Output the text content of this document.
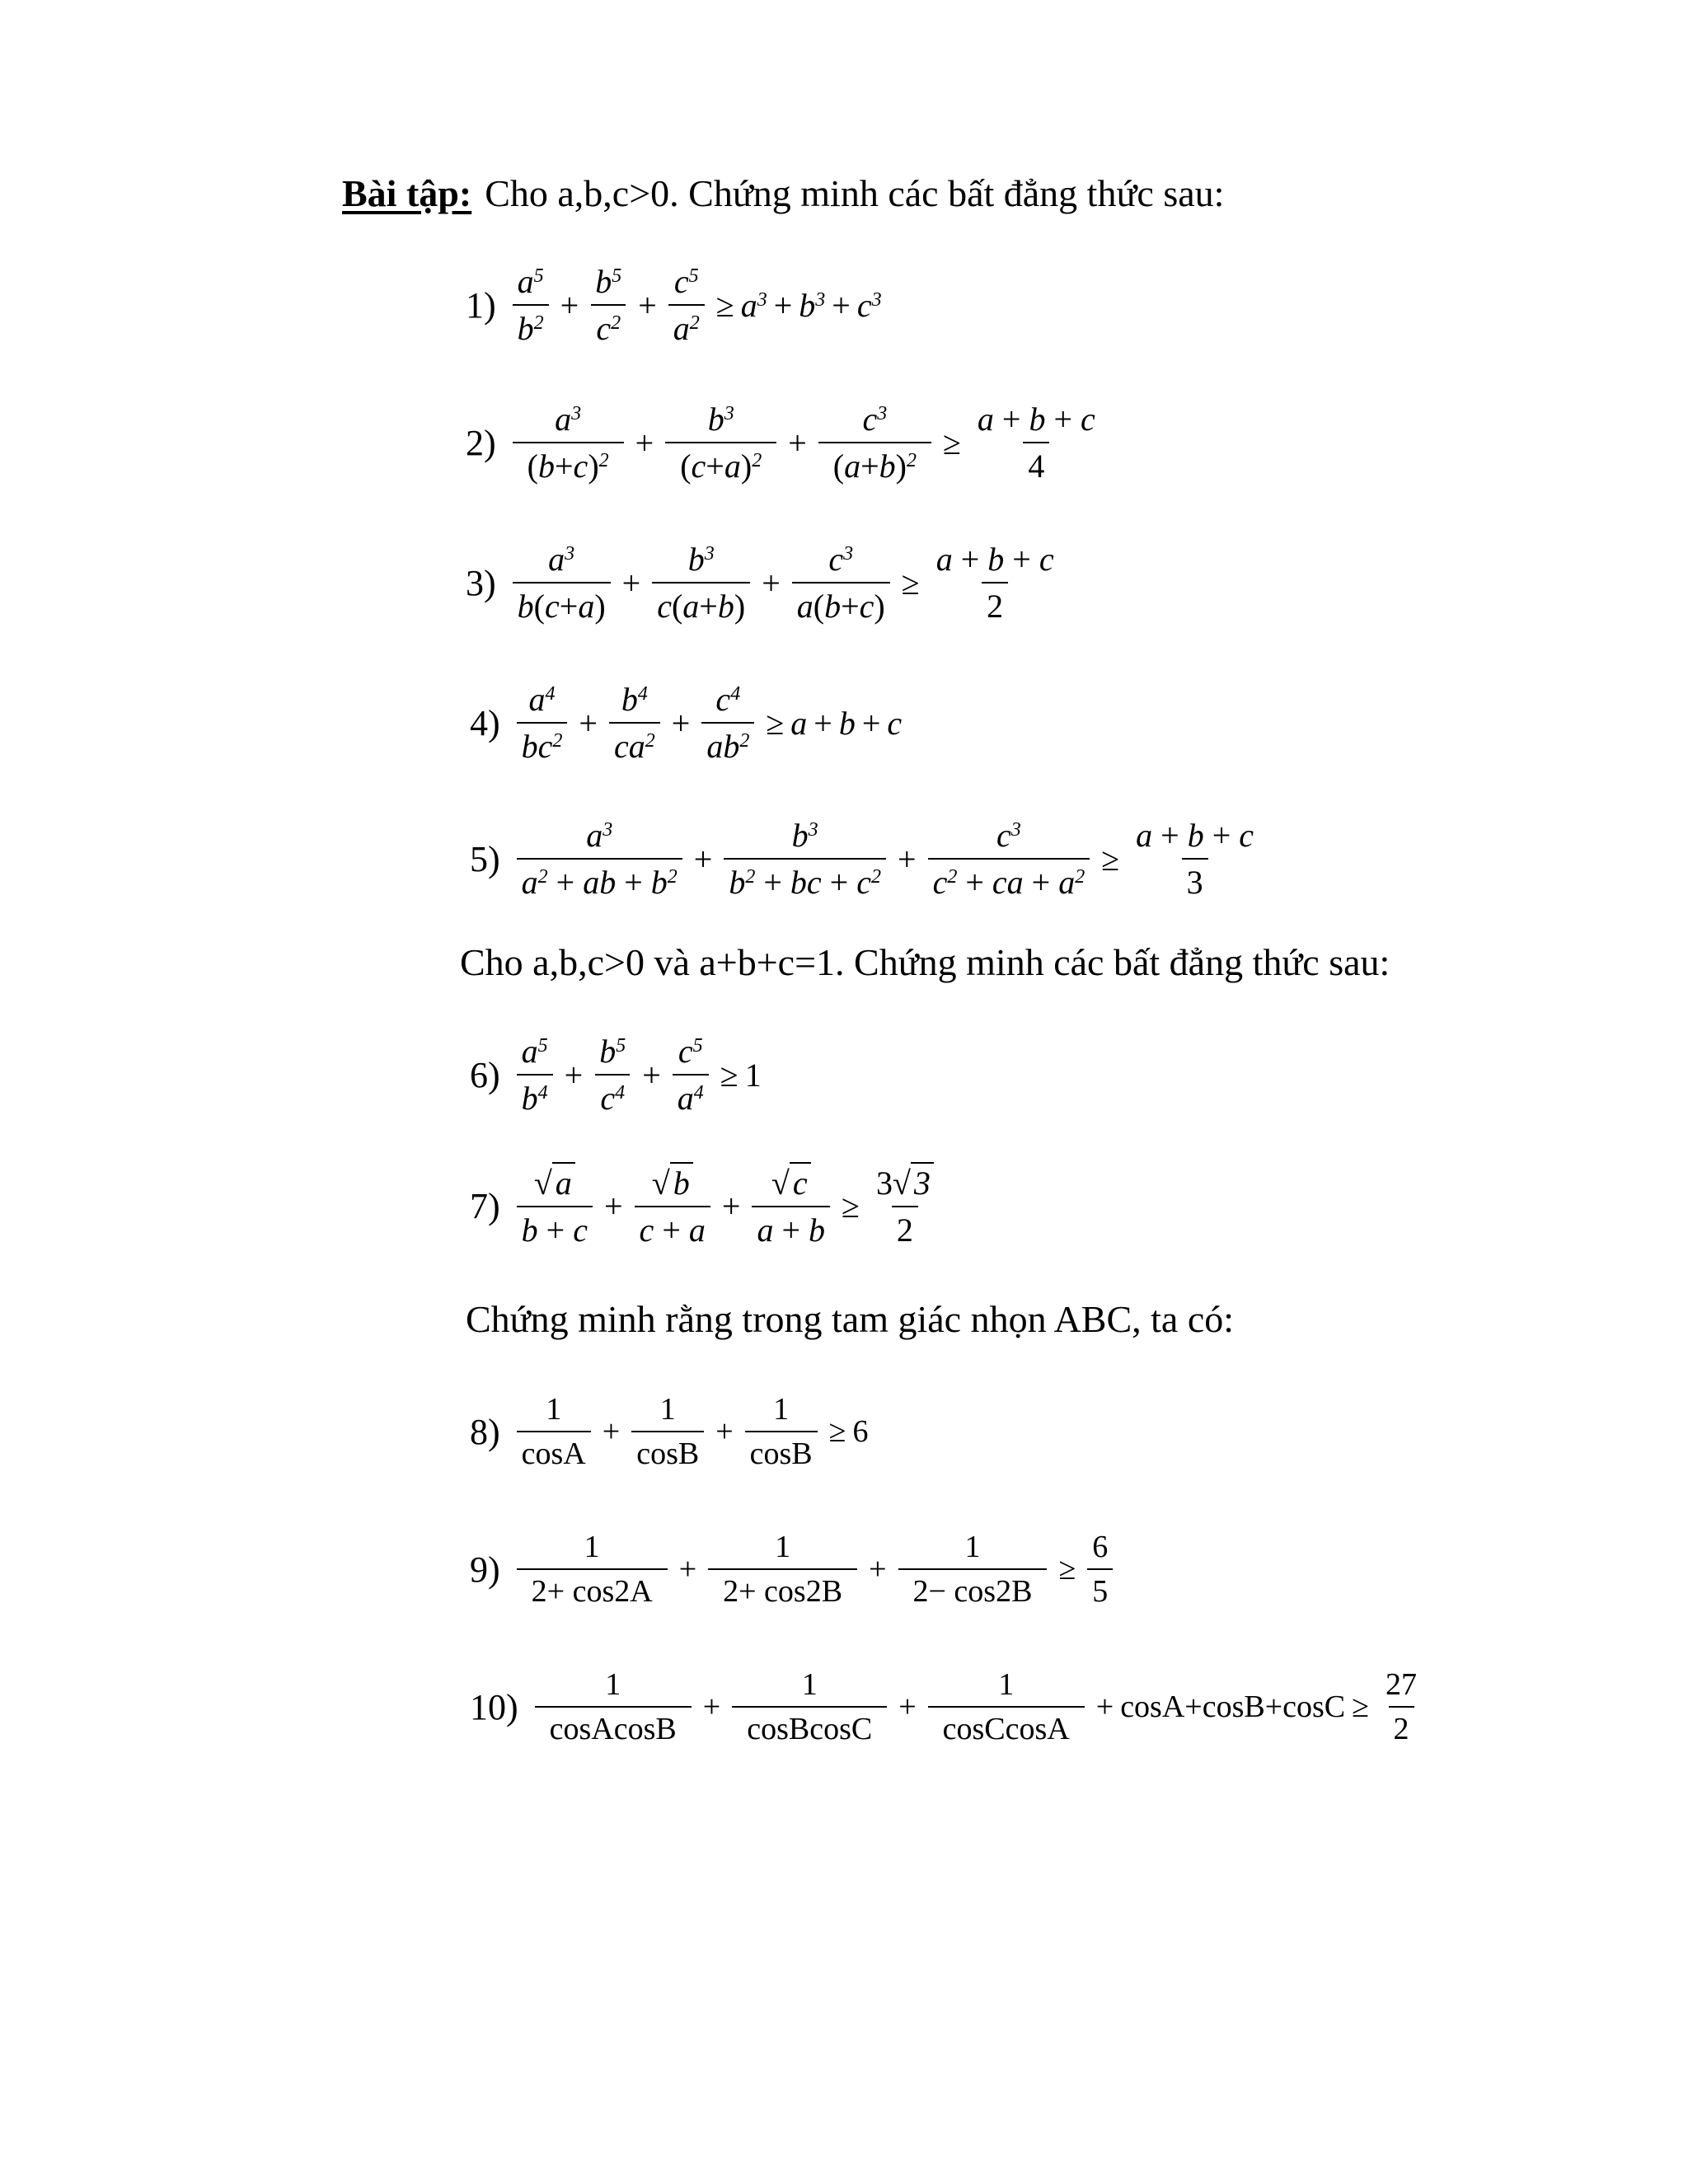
Bài tập: Cho a,b,c>0. Chứng minh các bất đẳng thức sau:
$1) \frac{a^5}{b^2} + \frac{b^5}{c^2} + \frac{c^5}{a^2} \ge a^3 + b^3 + c^3$
$2) \frac{a^3}{(b+c)^2} + \frac{b^3}{(c+a)^2} + \frac{c^3}{(a+b)^2} \ge \frac{a + b + c}{4}$
$3) \frac{a^3}{b(c+a)} + \frac{b^3}{c(a+b)} + \frac{c^3}{a(b+c)} \ge \frac{a + b + c}{2}$
$4) \frac{a^4}{bc^2} + \frac{b^4}{ca^2} + \frac{c^4}{ab^2} \ge a + b + c$
$5) \frac{a^3}{a^2 + ab + b^2} + \frac{b^3}{b^2 + bc + c^2} + \frac{c^3}{c^2 + ca + a^2} \ge \frac{a + b + c}{3}$
Cho a,b,c>0 và a+b+c=1. Chứng minh các bất đẳng thức sau:
$6) \frac{a^5}{b^4} + \frac{b^5}{c^4} + \frac{c^5}{a^4} \ge 1$
$7) \frac{√ a}{b + c} + \frac{√ b}{c + a} + \frac{√ c}{a + b} \ge \frac{3√ 3}{2}$
Chứng minh rằng trong tam giác nhọn ABC, ta có:
$8) \frac{1}{\cos A} + \frac{1}{\cos B} + \frac{1}{\cos B} \ge 6$
$9) \frac{1}{2+ \cos 2A} + \frac{1}{2+ \cos 2B} + \frac{1}{2- \cos 2B} \ge \frac{6}{5}$
$10) \frac{1}{\text{cosAcosB}} + \frac{1}{\text{cosBcosC}} + \frac{1}{\text{cosCcosA}} + \cos A+\cos B+\cos C \ge \frac{27}{2}$
